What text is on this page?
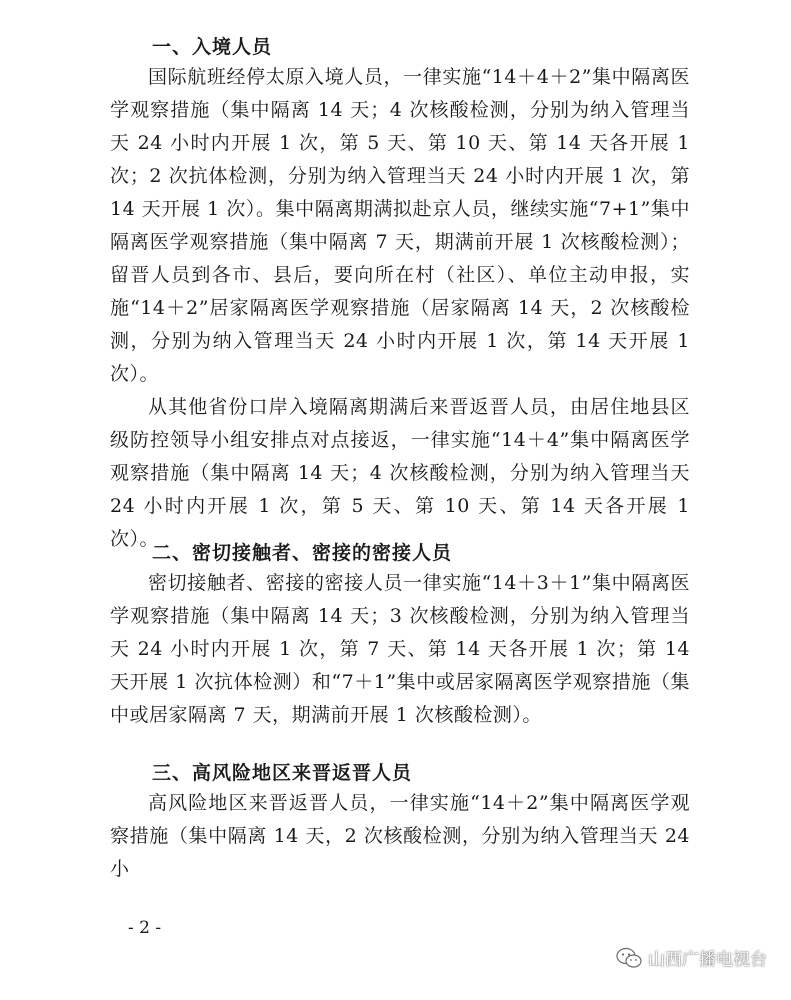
一、入境人员

国际航班经停太原入境人员，一律实施“14＋4＋2”集中隔离医学观察措施（集中隔离 14 天；4 次核酸检测，分别为纳入管理当天 24 小时内开展 1 次，第 5 天、第 10 天、第 14 天各开展 1 次；2 次抗体检测，分别为纳入管理当天 24 小时内开展 1 次，第 14 天开展 1 次）。集中隔离期满拟赴京人员，继续实施“7+1”集中隔离医学观察措施（集中隔离 7 天，期满前开展 1 次核酸检测）；留晋人员到各市、县后，要向所在村（社区）、单位主动申报，实施“14＋2”居家隔离医学观察措施（居家隔离 14 天，2 次核酸检测，分别为纳入管理当天 24 小时内开展 1 次，第 14 天开展 1 次）。

从其他省份口岸入境隔离期满后来晋返晋人员，由居住地县区级防控领导小组安排点对点接返，一律实施“14＋4”集中隔离医学观察措施（集中隔离 14 天；4 次核酸检测，分别为纳入管理当天 24 小时内开展 1 次，第 5 天、第 10 天、第 14 天各开展 1 次）。

二、密切接触者、密接的密接人员

密切接触者、密接的密接人员一律实施“14＋3＋1”集中隔离医学观察措施（集中隔离 14 天；3 次核酸检测，分别为纳入管理当天 24 小时内开展 1 次，第 7 天、第 14 天各开展 1 次；第 14 天开展 1 次抗体检测）和“7＋1”集中或居家隔离医学观察措施（集中或居家隔离 7 天，期满前开展 1 次核酸检测）。

三、高风险地区来晋返晋人员

高风险地区来晋返晋人员，一律实施“14＋2”集中隔离医学观察措施（集中隔离 14 天，2 次核酸检测，分别为纳入管理当天 24 小

- 2 -
山西广播电视台
